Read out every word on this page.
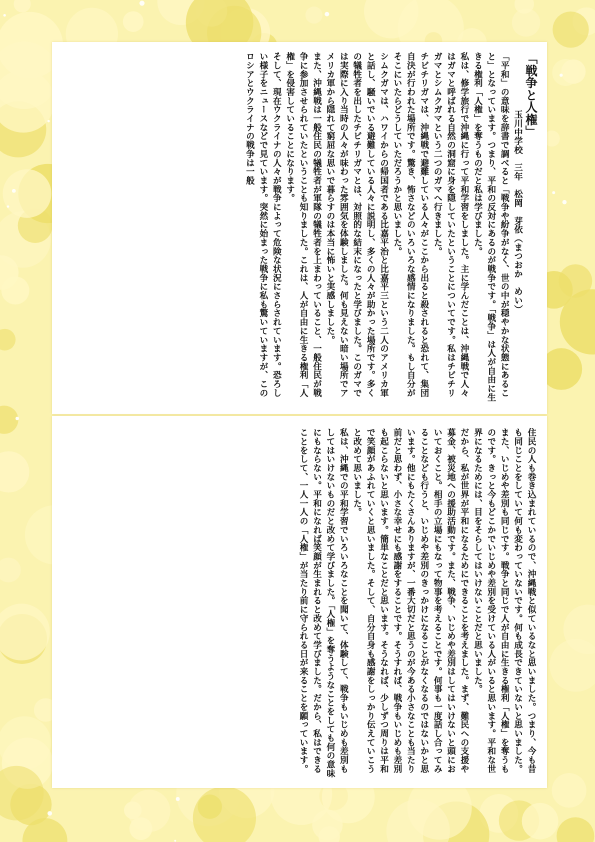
「戦争と人権」

玉川中学校　三年　松岡　芽依（まつおか　めい）

「平和」の意味を辞書で調べると「戦争や紛争がなく、世の中が穏やかな状態にあること」となっています。つまり、平和の反対にあるのが戦争です。「戦争」は人が自由に生きる権利「人権」を奪うものだと私は学びました。

私は、修学旅行で沖縄に行って平和学習をしました。主に学んだことは、沖縄戦で人々はガマと呼ばれる自然の洞窟に身を隠していたということについてです。私はチビチリガマとシムクガマという二つのガマへ行きました。

チビチリガマは、沖縄戦で避難している人々がここから出ると殺されると恐れて、集団自決が行われた場所です。驚き、怖さなどのいろいろな感情になりました。もし自分がそこにいたらどうしていただろうかと思いました。

シムクガマは、ハワイからの帰国者である比嘉平治と比嘉平三という二人のアメリカ軍と話し、騒いでいる避難している人々に説明し、多くの人々が助かった場所です。多くの犠牲者を出したチビチリガマとは、対照的な結末になったと学びました。このガマでは実際に入り当時の人々が味わった雰囲気を体験しました。何も見えない暗い場所でアメリカ軍から隠れて窮屈な思いで暮らすのは本当に怖いと実感しました。

また、沖縄戦は一般住民の犠牲者が軍隊の犠牲者を上まわっていること、一般住民が戦争に参加させられていたということも知りました。これは、人が自由に生きる権利「人権」を侵害していることになります。

そして、現在ウクライナの人々が戦争によって危険な状況にさらされています。恐ろしい様子をニュースなどで見ています。突然に始まった戦争に私も驚いていますが、このロシアとウクライナの戦争は一般

住民の人も巻き込まれているので、沖縄戦と似ているなと思いました。つまり、今も昔も同じことをしていて何も変わっていないです。何も成長できていないと思いました。

また、いじめや差別も同じです。戦争と同じで人が自由に生きる権利「人権」を奪うものです。きっと今もどこかでいじめや差別を受けている人がいると思います。平和な世界になるためには、目をそらしてはいけないことだと思いました。

だから、私が世界が平和になるためにできることを考えました。まず、難民への支援や募金、被災地への援助活動です。また、戦争、いじめや差別はしてはいけないと頭においておくこと。相手の立場にもなって物事を考えることです。何事も一度話し合ってみることなども行うと、いじめや差別のきっかけになることがなくなるのではないかと思います。他にもたくさんありますが、一番大切だと思うのが今ある小さなことも当たり前だと思わず、小さな幸せにも感謝をすることです。そうすれば、戦争もいじめも差別も起こらないと思います。簡単なことだと思います。そうなれば、少しずつ周りは平和で笑顔があふれていくと思いました。そして、自分自身も感謝をしっかり伝えていこうと改めて思いました。

私は、沖縄での平和学習でいろいろなことを聞いて、体験して、戦争もいじめも差別もしてはいけないものだと改めて学びました。「人権」を奪うようなことをしても何の意味にもならない。平和になれば笑顔が生まれると改めて学びました。だから、私はできることをして、一人一人の「人権」が当たり前に守られる日が来ることを願っています。
